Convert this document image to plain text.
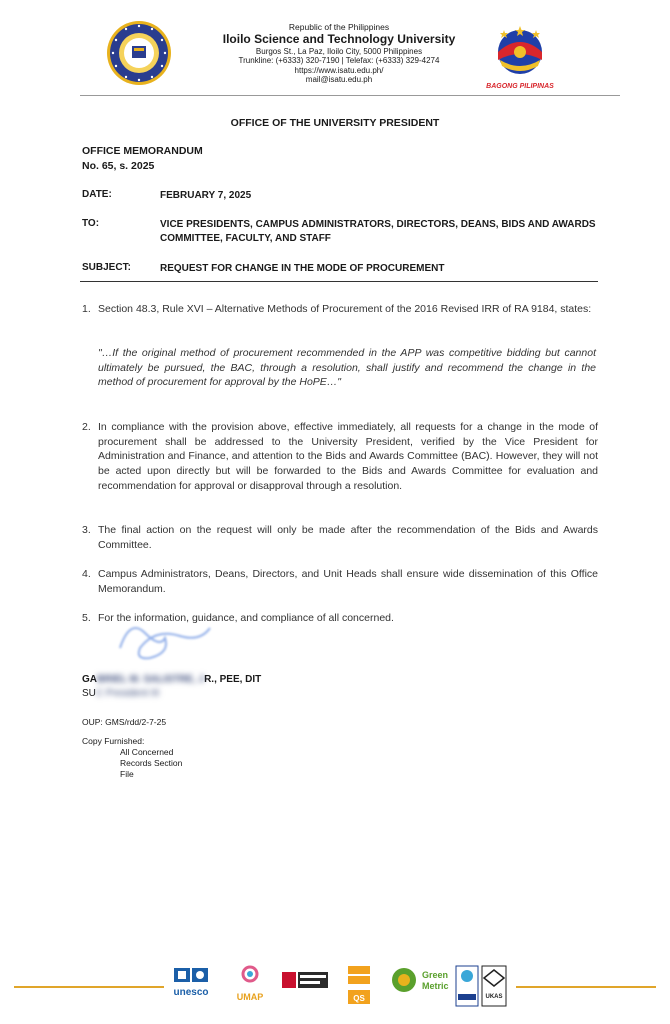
Republic of the Philippines
Iloilo Science and Technology University
Burgos St., La Paz, Iloilo City, 5000 Philippines
Trunkline: (+6333) 320-7190 | Telefax: (+6333) 329-4274
https://www.isatu.edu.ph/
mail@isatu.edu.ph
BAGONG PILIPINAS
OFFICE OF THE UNIVERSITY PRESIDENT
OFFICE MEMORANDUM
No. 65, s. 2025
DATE:	FEBRUARY 7, 2025
TO:	VICE PRESIDENTS, CAMPUS ADMINISTRATORS, DIRECTORS, DEANS, BIDS AND AWARDS COMMITTEE, FACULTY, AND STAFF
SUBJECT:	REQUEST FOR CHANGE IN THE MODE OF PROCUREMENT
1. Section 48.3, Rule XVI – Alternative Methods of Procurement of the 2016 Revised IRR of RA 9184, states:
"…If the original method of procurement recommended in the APP was competitive bidding but cannot ultimately be pursued, the BAC, through a resolution, shall justify and recommend the change in the method of procurement for approval by the HoPE…"
2. In compliance with the provision above, effective immediately, all requests for a change in the mode of procurement shall be addressed to the University President, verified by the Vice President for Administration and Finance, and attention to the Bids and Awards Committee (BAC). However, they will not be acted upon directly but will be forwarded to the Bids and Awards Committee for evaluation and recommendation for approval or disapproval through a resolution.
3. The final action on the request will only be made after the recommendation of the Bids and Awards Committee.
4. Campus Administrators, Deans, Directors, and Unit Heads shall ensure wide dissemination of this Office Memorandum.
5. For the information, guidance, and compliance of all concerned.
GABRIEL M. SALISTRE, JR., PEE, DIT
SUC President III
OUP: GMS/rdd/2-7-25
Copy Furnished:
All Concerned
Records Section
File
unesco	UMAP	QS
Green
Metric
UKAS
